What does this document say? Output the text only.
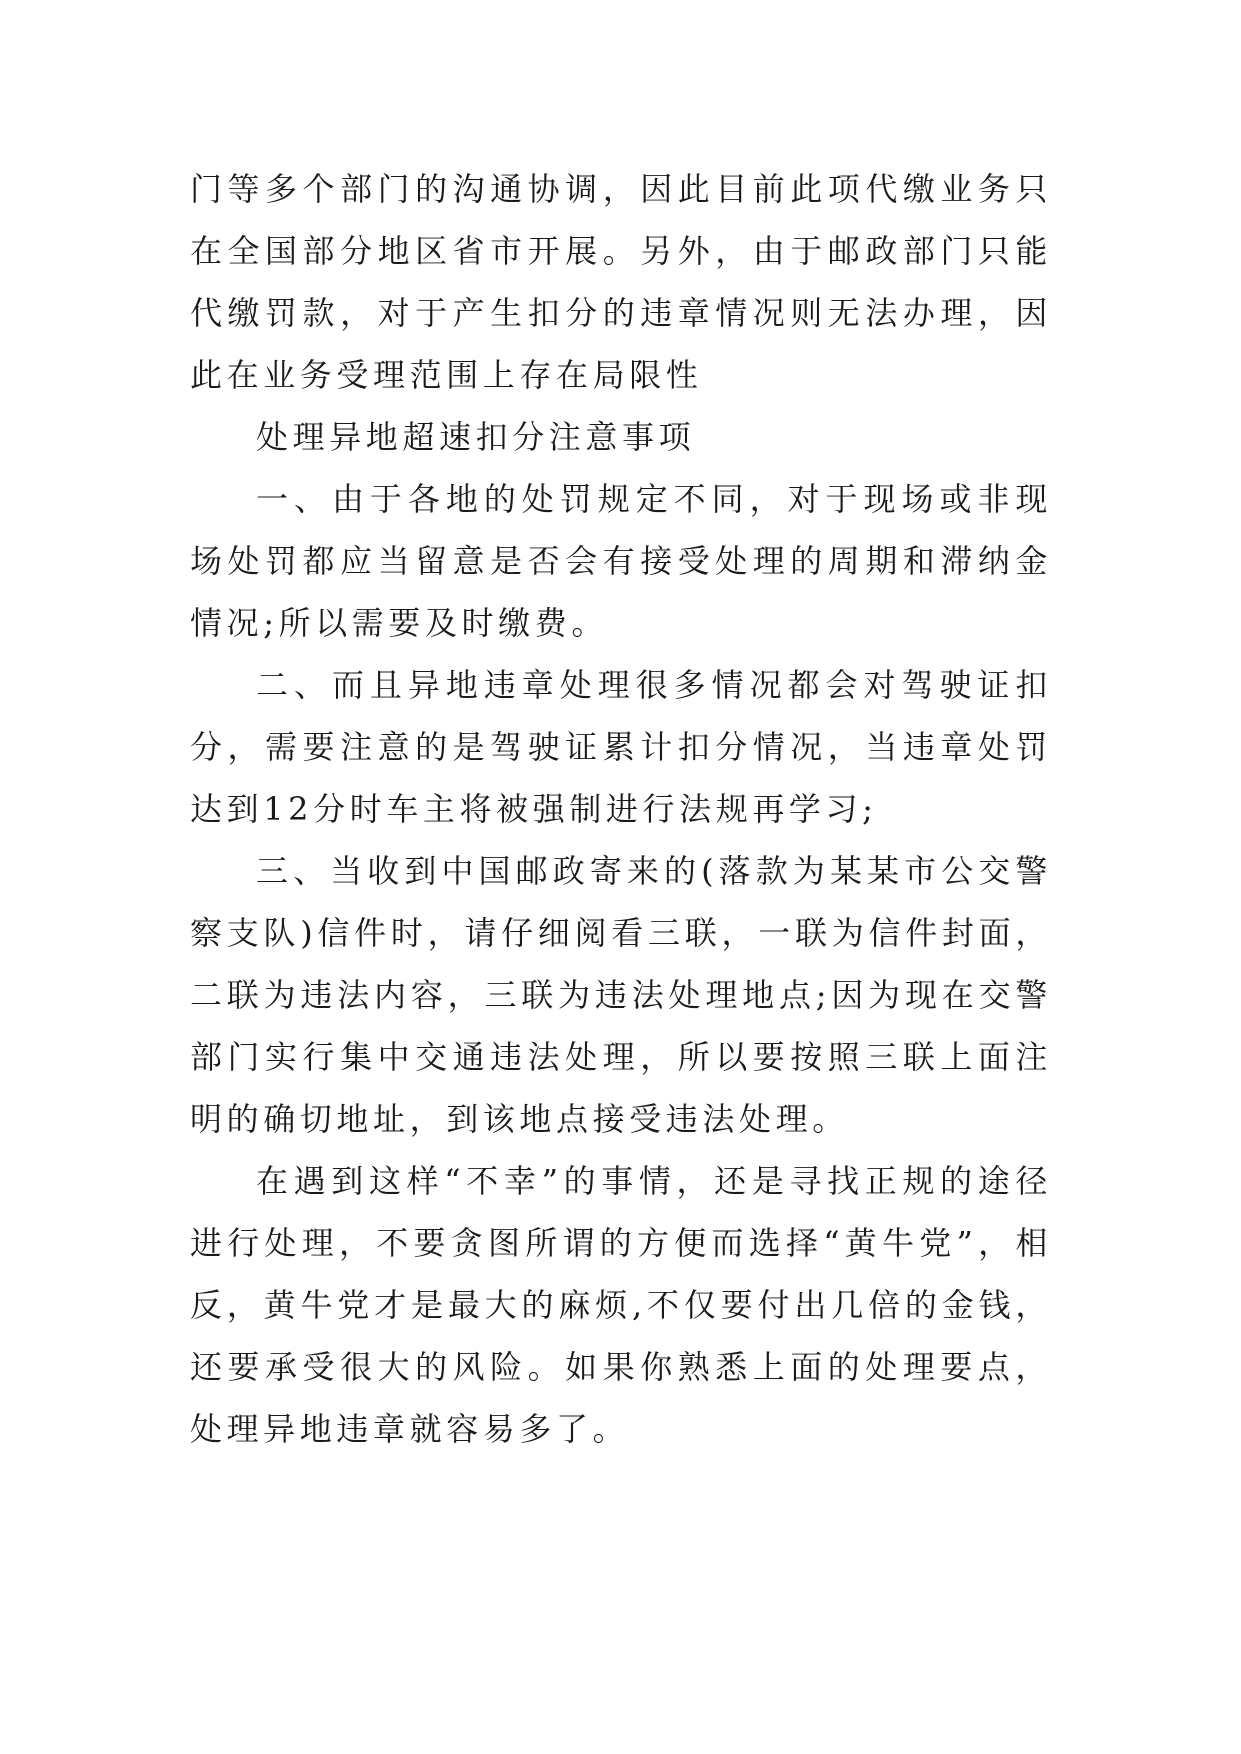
门等多个部门的沟通协调，因此目前此项代缴业务只在全国部分地区省市开展。另外，由于邮政部门只能代缴罚款，对于产生扣分的违章情况则无法办理，因此在业务受理范围上存在局限性

处理异地超速扣分注意事项

一、由于各地的处罚规定不同，对于现场或非现场处罚都应当留意是否会有接受处理的周期和滞纳金情况;所以需要及时缴费。

二、而且异地违章处理很多情况都会对驾驶证扣分，需要注意的是驾驶证累计扣分情况，当违章处罚达到12分时车主将被强制进行法规再学习;

三、当收到中国邮政寄来的(落款为某某市公交警察支队)信件时，请仔细阅看三联，一联为信件封面，二联为违法内容，三联为违法处理地点;因为现在交警部门实行集中交通违法处理，所以要按照三联上面注明的确切地址，到该地点接受违法处理。

在遇到这样“不幸”的事情，还是寻找正规的途径进行处理，不要贪图所谓的方便而选择“黄牛党”，相反，黄牛党才是最大的麻烦,不仅要付出几倍的金钱，还要承受很大的风险。如果你熟悉上面的处理要点，处理异地违章就容易多了。
